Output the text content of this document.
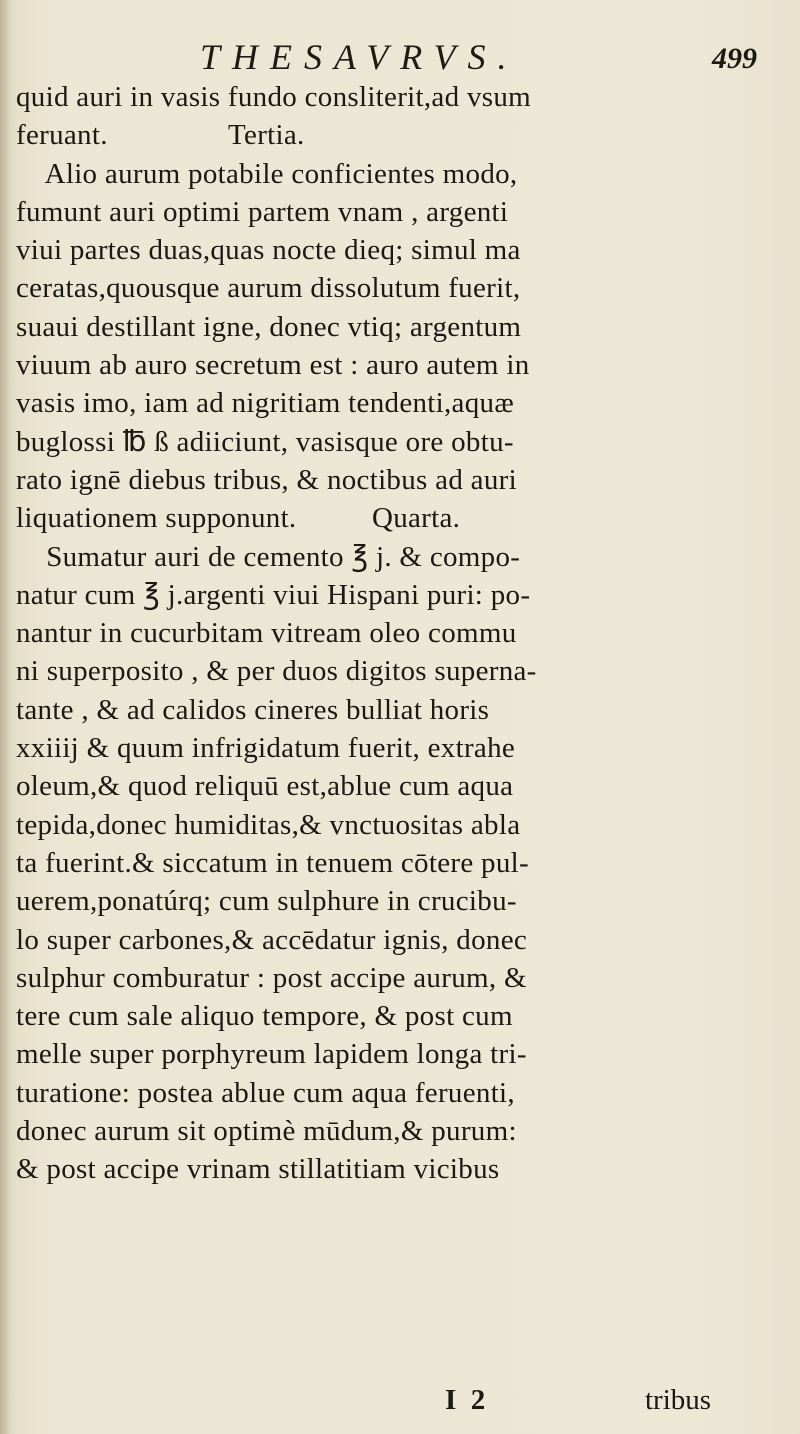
THESAVRVS.	499
quid auri in vasis fundo consliterit,ad vsum
feruant.                Tertia.
Alio aurum potabile conficientes modo,
fumunt auri optimi partem vnam , argenti
viui partes duas,quas nocte dieq; simul ma
ceratas,quousque aurum dissolutum fuerit,
suaui destillant igne, donec vtiq; argentum
viuum ab auro secretum est : auro autem in
vasis imo, iam ad nigritiam tendenti,aquæ
buglossi ℔ ß adiiciunt, vasisque ore obtu-
rato ignē diebus tribus, & noctibus ad auri
liquationem supponunt.          Quarta.
Sumatur auri de cemento ℥ j. & compo-
natur cum ℥ j.argenti viui Hispani puri: po-
nantur in cucurbitam vitream oleo commu
ni superposito , & per duos digitos superna-
tante , & ad calidos cineres bulliat horis
xxiiij & quum infrigidatum fuerit, extrahe
oleum,& quod reliquū est,ablue cum aqua
tepida,donec humiditas,& vnctuositas abla
ta fuerint.& siccatum in tenuem cōtere pul-
uerem,ponatúrq; cum sulphure in crucibu-
lo super carbones,& accēdatur ignis, donec
sulphur comburatur : post accipe aurum, &
tere cum sale aliquo tempore, & post cum
melle super porphyreum lapidem longa tri-
turatione: postea ablue cum aqua feruenti,
donec aurum sit optimè mūdum,& purum:
& post accipe vrinam stillatitiam vicibus
I  2	tribus
